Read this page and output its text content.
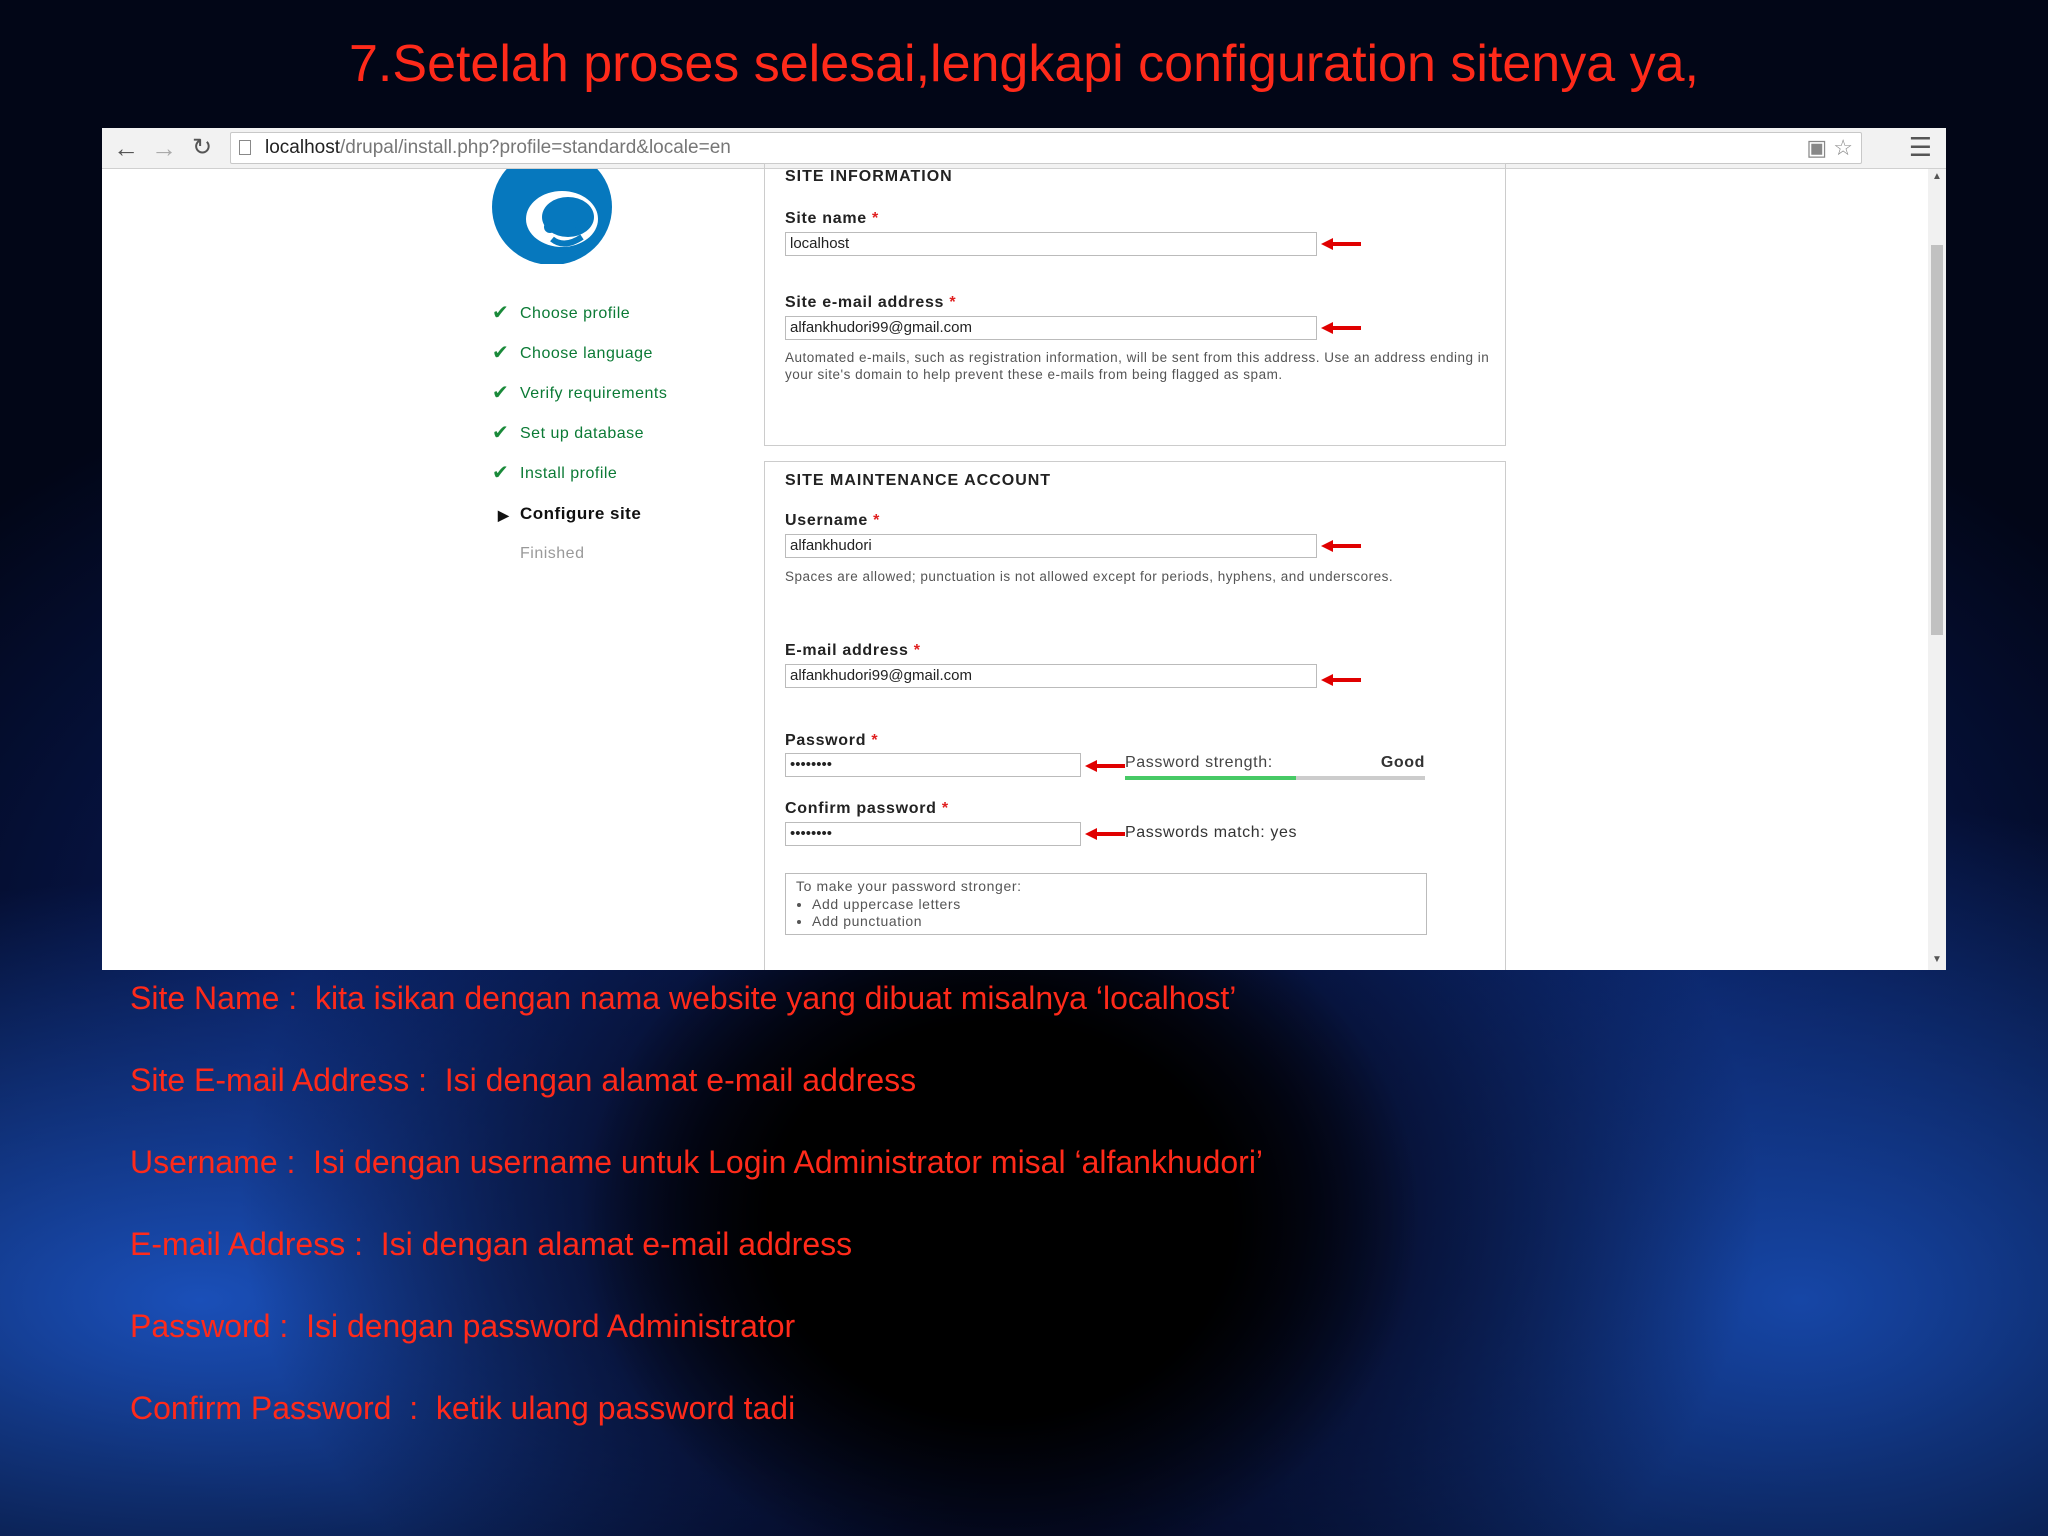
7.Setelah proses selesai,lengkapi configuration sitenya ya,
← → ↻	localhost/drupal/install.php?profile=standard&locale=en	▣ ☆ ☰
✔ Choose profile
✔ Choose language
✔ Verify requirements
✔ Set up database
✔ Install profile
▶ Configure site
Finished
SITE INFORMATION
Site name *
localhost
Site e-mail address *
alfankhudori99@gmail.com
Automated e-mails, such as registration information, will be sent from this address. Use an address ending in your site's domain to help prevent these e-mails from being flagged as spam.
SITE MAINTENANCE ACCOUNT
Username *
alfankhudori
Spaces are allowed; punctuation is not allowed except for periods, hyphens, and underscores.
E-mail address *
alfankhudori99@gmail.com
Password *
••••••••	Password strength:	Good
Confirm password *
••••••••	Passwords match: yes
To make your password stronger:
• Add uppercase letters
• Add punctuation
▲
▼
Site Name :  kita isikan dengan nama website yang dibuat misalnya ‘localhost’
Site E-mail Address :  Isi dengan alamat e-mail address
Username :  Isi dengan username untuk Login Administrator misal ‘alfankhudori’
E-mail Address :  Isi dengan alamat e-mail address
Password :  Isi dengan password Administrator
Confirm Password  :  ketik ulang password tadi
